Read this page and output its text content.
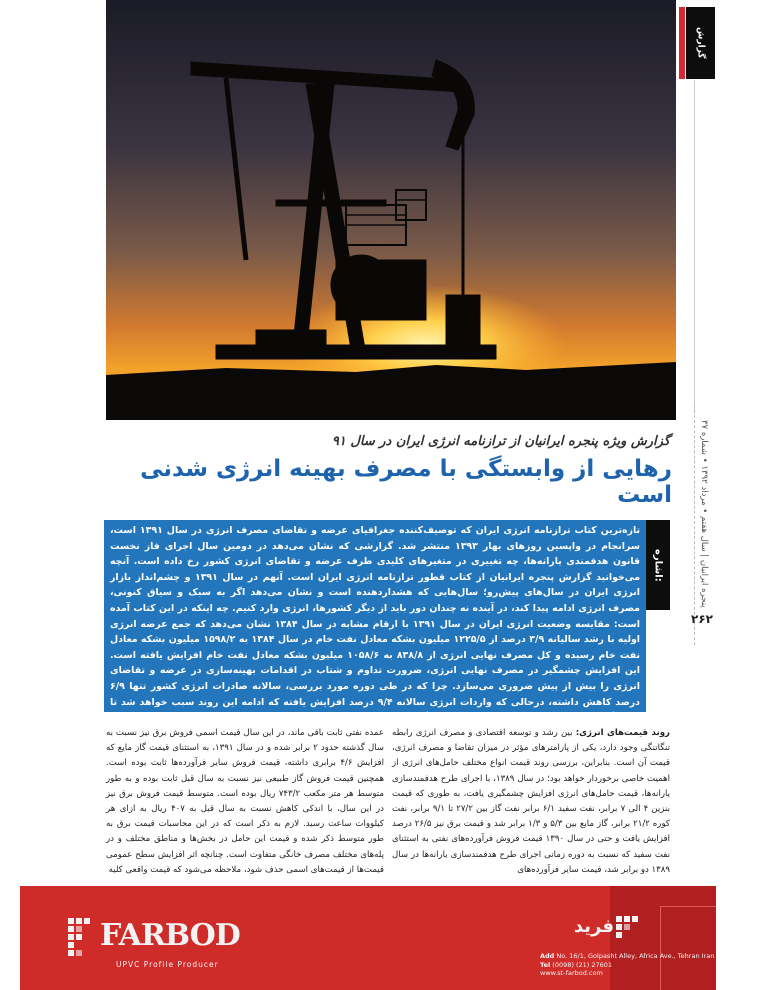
گزارش
پنجره ایرانیان | سال هفتم • مرداد ۱۳۹۲ • شماره ۳۷
۲۶۲
گزارش ویژه پنجره ایرانیان از ترازنامه انرژی ایران در سال ۹۱
رهایی از وابستگی با مصرف بهینه انرژی شدنی است
اشاره:
تازه‌ترین کتاب ترازنامه انرژی ایران که توصیف‌کننده جغرافیای عرضه و تقاضای مصرف انرژی در سال ۱۳۹۱ است، سرانجام در واپسین روزهای بهار ۱۳۹۳ منتشر شد. گزارشی که نشان می‌دهد در دومین سال اجرای فاز نخست قانون هدفمندی یارانه‌ها، چه تغییری در متغیرهای کلیدی طرف عرضه و تقاضای انرژی کشور رخ داده است. آنچه می‌خوانید گزارش پنجره ایرانیان از کتاب قطور ترازنامه انرژی ایران است. آنهم در سال ۱۳۹۱ و چشم‌انداز بازار انرژی ایران در سال‌های پیش‌رو؛ سال‌هایی که هشداردهنده است و نشان می‌دهد اگر به سبک و سیاق کنونی، مصرف انرژی ادامه پیدا کند، در آینده نه چندان دور باید از دیگر کشورها، انرژی وارد کنیم. چه اینکه در این کتاب آمده است: مقایسه وضعیت انرژی ایران در سال ۱۳۹۱ با ارقام مشابه در سال ۱۳۸۴ نشان می‌دهد که جمع عرضه انرژی اولیه با رشد سالیانه ۳/۹ درصد از ۱۲۲۵/۵ میلیون بشکه معادل نفت خام در سال ۱۳۸۴ به ۱۵۹۸/۲ میلیون بشکه معادل نفت خام رسیده و کل مصرف نهایی انرژی از ۸۳۸/۸ به ۱۰۵۸/۶ میلیون بشکه معادل نفت خام افزایش یافته است. این افزایش چشمگیر در مصرف نهایی انرژی، ضرورت تداوم و شتاب در اقدامات بهینه‌سازی در عرضه و تقاضای انرژی را بیش از پیش ضروری می‌سازد. چرا که در طی دوره مورد بررسی، سالانه صادرات انرژی کشور تنها ۶/۹ درصد کاهش داشته، درحالی که واردات انرژی سالانه ۹/۴ درصد افزایش یافته که ادامه این روند سبب خواهد شد تا وابستگی انرژی کشور به واردات افزایش یابد. گزارش ویژه پنجره ایرانیان را بخوانید:
روند قیمت‌های انرژی: بین رشد و توسعه اقتصادی و مصرف انرژی رابطه تنگاتنگی وجود دارد، یکی از پارامترهای مؤثر در میزان تقاضا و مصرف انرژی، قیمت آن است. بنابراین، بررسی روند قیمت انواع مختلف حامل‌های انرژی از اهمیت خاصی برخوردار خواهد بود؛ در سال ۱۳۸۹، با اجرای طرح هدفمندسازی یارانه‌ها، قیمت حامل‌های انرژی افزایش چشمگیری یافت، به طوری که قیمت بنزین ۴ الی ۷ برابر، نفت سفید ۶/۱ برابر نفت گاز بین ۲۷/۲ تا ۹/۱ برابر، نفت کوره ۲۱/۲ برابر، گاز مایع بین ۵/۳ و ۱/۳ برابر شد و قیمت برق نیز ۲۶/۵ درصد افزایش یافت و حتی در سال ۱۳۹۰ قیمت فروش فرآورده‌های نفتی به استثنای نفت سفید که نسبت به دوره زمانی اجرای طرح هدفمندسازی یارانه‌ها در سال ۱۳۸۹ دو برابر شد، قیمت سایر فرآورده‌های
عمده نفتی ثابت باقی ماند، در این سال قیمت اسمی فروش برق نیز نسبت به سال گذشته حدود ۲ برابر شده و در سال ۱۳۹۱، به استثنای قیمت گاز مایع که افزایش ۴/۶ برابری داشته، قیمت فروش سایر فرآورده‌ها ثابت بوده است. همچنین قیمت فروش گاز طبیعی نیز نسبت به سال قبل ثابت بوده و به طور متوسط هر متر مکعب ۷۴۳/۲ ریال بوده است. متوسط قیمت فروش برق نیز در این سال، با اندکی کاهش نسبت به سال قبل به ۴۰۷ ریال به ازای هر کیلووات ساعت رسید. لازم به ذکر است که در این محاسبات قیمت برق به طور متوسط ذکر شده و قیمت این حامل در بخش‌ها و مناطق مختلف و در پله‌های مختلف مصرف خانگی متفاوت است. چنانچه اثر افزایش سطح عمومی قیمت‌ها از قیمت‌های اسمی حذف شود، ملاحظه می‌شود که قیمت واقعی کلیه
FARBOD
UPVC Profile Producer
فرید
Add No. 16/1, Golpasht Alley, Africa Ave., Tehran Iran
Tel (0098) (21) 27601
www.st-farbod.com
